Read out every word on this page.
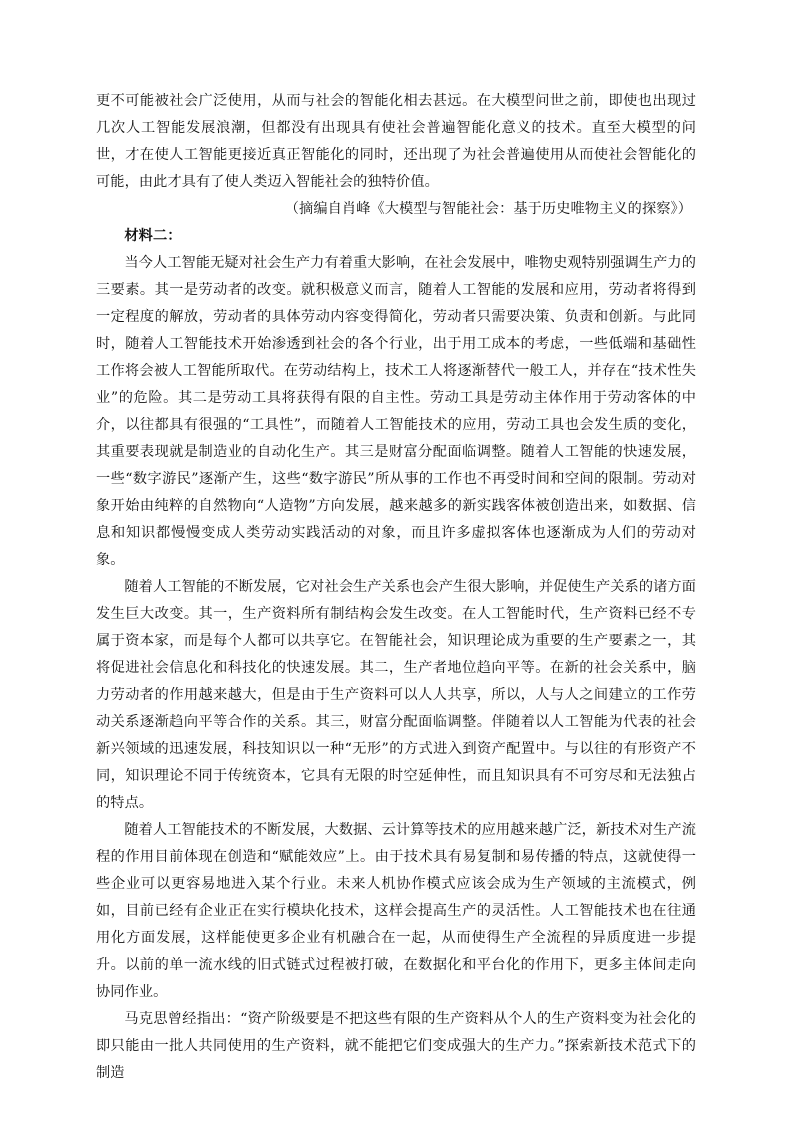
更不可能被社会广泛使用，从而与社会的智能化相去甚远。在大模型问世之前，即使也出现过几次人工智能发展浪潮，但都没有出现具有使社会普遍智能化意义的技术。直至大模型的问世，才在使人工智能更接近真正智能化的同时，还出现了为社会普遍使用从而使社会智能化的可能，由此才具有了使人类迈入智能社会的独特价值。

（摘编自肖峰《大模型与智能社会：基于历史唯物主义的探察》）

材料二：

当今人工智能无疑对社会生产力有着重大影响，在社会发展中，唯物史观特别强调生产力的三要素。其一是劳动者的改变。就积极意义而言，随着人工智能的发展和应用，劳动者将得到一定程度的解放，劳动者的具体劳动内容变得简化，劳动者只需要决策、负责和创新。与此同时，随着人工智能技术开始渗透到社会的各个行业，出于用工成本的考虑，一些低端和基础性工作将会被人工智能所取代。在劳动结构上，技术工人将逐渐替代一般工人，并存在“技术性失业”的危险。其二是劳动工具将获得有限的自主性。劳动工具是劳动主体作用于劳动客体的中介，以往都具有很强的“工具性”，而随着人工智能技术的应用，劳动工具也会发生质的变化，其重要表现就是制造业的自动化生产。其三是财富分配面临调整。随着人工智能的快速发展，一些“数字游民”逐渐产生，这些“数字游民”所从事的工作也不再受时间和空间的限制。劳动对象开始由纯粹的自然物向“人造物”方向发展，越来越多的新实践客体被创造出来，如数据、信息和知识都慢慢变成人类劳动实践活动的对象，而且许多虚拟客体也逐渐成为人们的劳动对象。

随着人工智能的不断发展，它对社会生产关系也会产生很大影响，并促使生产关系的诸方面发生巨大改变。其一，生产资料所有制结构会发生改变。在人工智能时代，生产资料已经不专属于资本家，而是每个人都可以共享它。在智能社会，知识理论成为重要的生产要素之一，其将促进社会信息化和科技化的快速发展。其二，生产者地位趋向平等。在新的社会关系中，脑力劳动者的作用越来越大，但是由于生产资料可以人人共享，所以，人与人之间建立的工作劳动关系逐渐趋向平等合作的关系。其三，财富分配面临调整。伴随着以人工智能为代表的社会新兴领域的迅速发展，科技知识以一种“无形”的方式进入到资产配置中。与以往的有形资产不同，知识理论不同于传统资本，它具有无限的时空延伸性，而且知识具有不可穷尽和无法独占的特点。

随着人工智能技术的不断发展，大数据、云计算等技术的应用越来越广泛，新技术对生产流程的作用目前体现在创造和“赋能效应”上。由于技术具有易复制和易传播的特点，这就使得一些企业可以更容易地进入某个行业。未来人机协作模式应该会成为生产领域的主流模式，例如，目前已经有企业正在实行模块化技术，这样会提高生产的灵活性。人工智能技术也在往通用化方面发展，这样能使更多企业有机融合在一起，从而使得生产全流程的异质度进一步提升。以前的单一流水线的旧式链式过程被打破，在数据化和平台化的作用下，更多主体间走向协同作业。

马克思曾经指出：“资产阶级要是不把这些有限的生产资料从个人的生产资料变为社会化的即只能由一批人共同使用的生产资料，就不能把它们变成强大的生产力。”探索新技术范式下的制造
